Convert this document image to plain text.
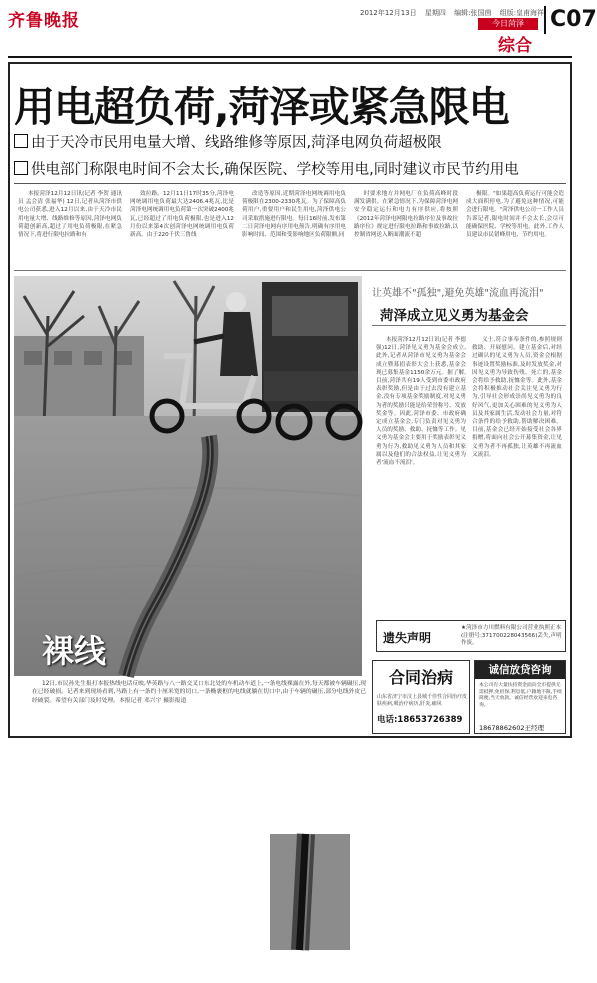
齐鲁晚报	2012年12月13日 星期四 编辑:张国茵 组版:皇甫海祥
今日菏泽
综合
C07
用电超负荷,菏泽或紧急限电
由于天冷市民用电量大增、线路维修等原因,菏泽电网负荷超极限
供电部门称限电时间不会太长,确保医院、学校等用电,同时建议市民节约用电

本报菏泽12月12日讯(记者 李贺 通讯员 孟会清 张福华) 12日,记者从菏泽市供电公司获悉,进入12月以来,由于天冷市民用电量大增、线路维修等原因,菏泽电网负荷超创新高,超过了用电负荷极限,在紧急情况下,将进行限电拉路和有

效拉路。12月11日17时35分,菏泽电网统调用电负荷最大达2406.4兆瓦,比是菏泽电网统调用电负荷第一次突破2400兆瓦,已经超过了用电负荷极限,也是进入12月份以来第4次创菏泽电网统调用电负荷新高。由于220千伏三鲁线

改造等原因,近期菏泽电网统调用电负荷极限在2300-2330兆瓦。为了保障高负荷用户,重要用户和民生用电,菏泽供电公司采取措施进行限电。每日16时前,发布第二日菏泽电网有序用电预告,明确有序用电影响时间、范围和受影响地区负荷限额,同

时要求地方并网电厂在负荷高峰时段满发满供。在紧急情况下,为保障菏泽电网安全稳定运行和电力有序供应,将按照《2012年菏泽电网限电拉路序位及事故拉路序位》规定进行限电拉路和事故拉路,以控制省网送入断面潮流不超

极限。"如果超高负荷运行可能会造成大面积停电,为了避免这种情况,可能会进行限电。"菏泽供电公司一工作人员告诉记者,限电时间并不会太长,会尽可能确保医院、学校等用电。此外,工作人员建议市民错峰用电、节约用电。

裸线

12日,市民孙先生报打本报热线电话反映,华英路与八一路交叉口东北处的车机动车道上,一条电线裸露在外,每天都被车辆碾压,现在已经破损。记者来到现场看到,马路上有一条约十厘米宽的切口,一条椭裹框的电线就躺在切口中,由于车辆的碾压,部分电线外皮已经破裂。希望有关部门及时处理。本报记者 邓兴宇 摄影报道

让英雄不"孤独",避免英雄"流血再流泪"
菏泽成立见义勇为基金会

本报菏泽12月12日讯(记者 李德强)12日,菏泽见义勇为基金会成立,此外,记者从菏泽市见义勇为基金会成立暨募捐表彰大会上获悉,基金会现已募集基金1150余万元。据了解,目前,菏泽共有19人受到市委市政府表彰奖励,但是由于过去没有建立基金,没有专项基金奖励制度,对见义勇为者的奖励只能是给荣誉称号、发放奖金等。因此,菏泽市委、市政府确定成立基金会,专门负责对见义勇为人员的奖励、救助、抚恤等工作。见义勇为基金会主要用于奖励表彰见义勇为行为,救助见义勇为人员和其家属以及他们的合法权益,让见义勇为者'流血不流泪'。

义士,符合事奉条件的,参照规则救助、开展慰问。建立基金后,对经过确认的见义勇为人员,资金会根据事迹设置奖励标准,及时发放奖金,对因见义勇为导致伤残、死亡的,基金会将给予救助,抚恤金等。此外,基金会将积极推动社会关注见义勇为行为,引导社会形成崇尚见义勇为的良好风气,更加关心困难的见义勇为人员及其家属生活,发动社会力量,对符合条件的给予救助,帮助解决困难。目前,基金会已经开始接受社会各界捐赠,将面向社会公开募集资金,让见义勇为者不再孤独,让英雄不再流血又流泪。

遗失声明
★菏泽市力川燃料有限公司营业执照正本(注册号:371700228043566)丢失,声明作废。
合同治病
山东省济宁市汶上县城千佳性合同治疗皮肤疾病,吸治疗病历,肝炎,痛风
电话:18653726389
诚信放贷咨询
本公司有大量扶持资金面向全市提供无需抵押,免担保,利息低,户籍地不限,手续简便,当天放款。诚信经营欢迎来电咨询。
18678862602王经理
